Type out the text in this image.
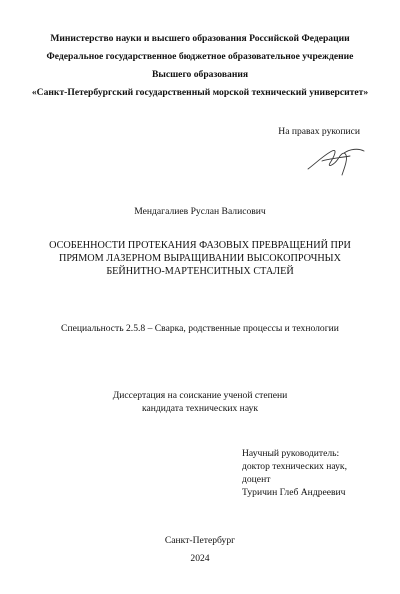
Министерство науки и высшего образования Российской Федерации
Федеральное государственное бюджетное образовательное учреждение
Высшего образования
«Санкт-Петербургский государственный морской технический университет»
На правах рукописи
Мендагалиев Руслан Валисович
ОСОБЕННОСТИ ПРОТЕКАНИЯ ФАЗОВЫХ ПРЕВРАЩЕНИЙ ПРИ
ПРЯМОМ ЛАЗЕРНОМ ВЫРАЩИВАНИИ ВЫСОКОПРОЧНЫХ
БЕЙНИТНО-МАРТЕНСИТНЫХ СТАЛЕЙ
Специальность 2.5.8 – Сварка, родственные процессы и технологии
Диссертация на соискание ученой степени
кандидата технических наук
Научный руководитель:
доктор технических наук,
доцент
Туричин Глеб Андреевич
Санкт-Петербург
2024
